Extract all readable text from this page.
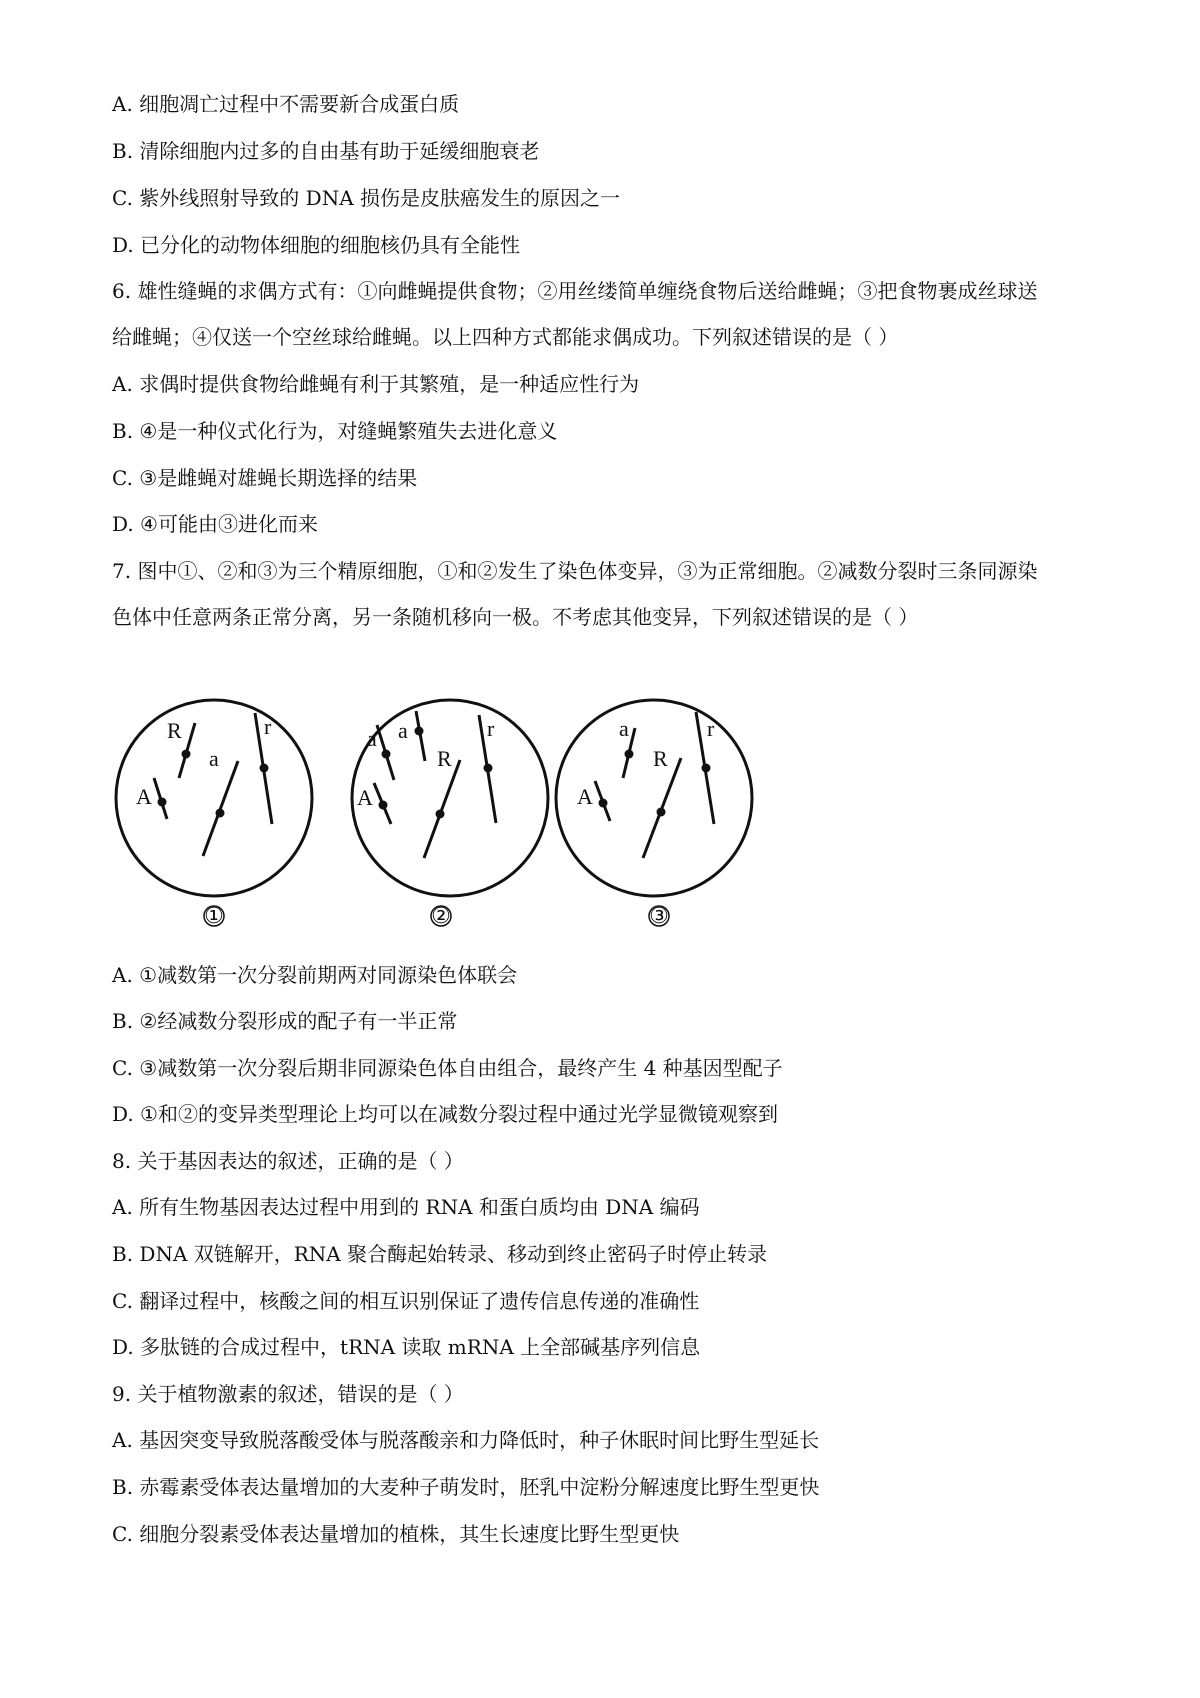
A. 细胞凋亡过程中不需要新合成蛋白质
B. 清除细胞内过多的自由基有助于延缓细胞衰老
C. 紫外线照射导致的 DNA 损伤是皮肤癌发生的原因之一
D. 已分化的动物体细胞的细胞核仍具有全能性
6. 雄性缝蝇的求偶方式有：①向雌蝇提供食物；②用丝缕简单缠绕食物后送给雌蝇；③把食物裹成丝球送
给雌蝇；④仅送一个空丝球给雌蝇。以上四种方式都能求偶成功。下列叙述错误的是（ ）
A. 求偶时提供食物给雌蝇有利于其繁殖，是一种适应性行为
B. ④是一种仪式化行为，对缝蝇繁殖失去进化意义
C. ③是雌蝇对雄蝇长期选择的结果
D. ④可能由③进化而来
7. 图中①、②和③为三个精原细胞，①和②发生了染色体变异，③为正常细胞。②减数分裂时三条同源染
色体中任意两条正常分离，另一条随机移向一极。不考虑其他变异，下列叙述错误的是（ ）
R
A
a
r
①
a a
A
R
r
②
a
A
R
r
③
A. ①减数第一次分裂前期两对同源染色体联会
B. ②经减数分裂形成的配子有一半正常
C. ③减数第一次分裂后期非同源染色体自由组合，最终产生 4 种基因型配子
D. ①和②的变异类型理论上均可以在减数分裂过程中通过光学显微镜观察到
8. 关于基因表达的叙述，正确的是（ ）
A. 所有生物基因表达过程中用到的 RNA 和蛋白质均由 DNA 编码
B. DNA 双链解开，RNA 聚合酶起始转录、移动到终止密码子时停止转录
C. 翻译过程中，核酸之间的相互识别保证了遗传信息传递的准确性
D. 多肽链的合成过程中，tRNA 读取 mRNA 上全部碱基序列信息
9. 关于植物激素的叙述，错误的是（ ）
A. 基因突变导致脱落酸受体与脱落酸亲和力降低时，种子休眠时间比野生型延长
B. 赤霉素受体表达量增加的大麦种子萌发时，胚乳中淀粉分解速度比野生型更快
C. 细胞分裂素受体表达量增加的植株，其生长速度比野生型更快
